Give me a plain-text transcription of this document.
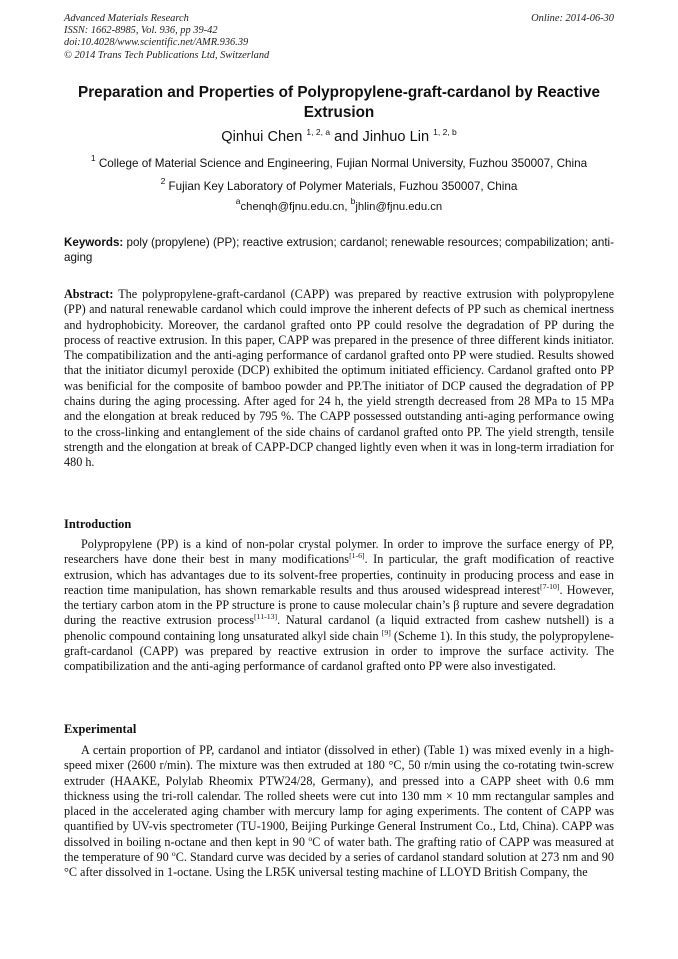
Advanced Materials Research
ISSN: 1662-8985, Vol. 936, pp 39-42
doi:10.4028/www.scientific.net/AMR.936.39
© 2014 Trans Tech Publications Ltd, Switzerland
Online: 2014-06-30
Preparation and Properties of Polypropylene-graft-cardanol by Reactive Extrusion
Qinhui Chen $^{1, 2, a}$ and Jinhuo Lin $^{1, 2, b}$
$^1$ College of Material Science and Engineering, Fujian Normal University, Fuzhou 350007, China
$^2$ Fujian Key Laboratory of Polymer Materials, Fuzhou 350007, China
$^a$chenqh@fjnu.edu.cn, $^b$jhlin@fjnu.edu.cn
Keywords: poly (propylene) (PP); reactive extrusion; cardanol; renewable resources; compabilization; anti-aging
Abstract: The polypropylene-graft-cardanol (CAPP) was prepared by reactive extrusion with polypropylene (PP) and natural renewable cardanol which could improve the inherent defects of PP such as chemical inertness and hydrophobicity. Moreover, the cardanol grafted onto PP could resolve the degradation of PP during the process of reactive extrusion. In this paper, CAPP was prepared in the presence of three different kinds initiator. The compatibilization and the anti-aging performance of cardanol grafted onto PP were studied. Results showed that the initiator dicumyl peroxide (DCP) exhibited the optimum initiated efficiency. Cardanol grafted onto PP was benificial for the composite of bamboo powder and PP.The initiator of DCP caused the degradation of PP chains during the aging processing. After aged for 24 h, the yield strength decreased from 28 MPa to 15 MPa and the elongation at break reduced by 795 %. The CAPP possessed outstanding anti-aging performance owing to the cross-linking and entanglement of the side chains of cardanol grafted onto PP. The yield strength, tensile strength and the elongation at break of CAPP-DCP changed lightly even when it was in long-term irradiation for 480 h.
Introduction
Polypropylene (PP) is a kind of non-polar crystal polymer. In order to improve the surface energy of PP, researchers have done their best in many modifications[1-6]. In particular, the graft modification of reactive extrusion, which has advantages due to its solvent-free properties, continuity in producing process and ease in reaction time manipulation, has shown remarkable results and thus aroused widespread interest[7-10]. However, the tertiary carbon atom in the PP structure is prone to cause molecular chain’s β rupture and severe degradation during the reactive extrusion process[11-13]. Natural cardanol (a liquid extracted from cashew nutshell) is a phenolic compound containing long unsaturated alkyl side chain [9] (Scheme 1). In this study, the polypropylene-graft-cardanol (CAPP) was prepared by reactive extrusion in order to improve the surface activity. The compatibilization and the anti-aging performance of cardanol grafted onto PP were also investigated.
Experimental
A certain proportion of PP, cardanol and intiator (dissolved in ether) (Table 1) was mixed evenly in a high-speed mixer (2600 r/min). The mixture was then extruded at 180 °C, 50 r/min using the co-rotating twin-screw extruder (HAAKE, Polylab Rheomix PTW24/28, Germany), and pressed into a CAPP sheet with 0.6 mm thickness using the tri-roll calendar. The rolled sheets were cut into 130 mm × 10 mm rectangular samples and placed in the accelerated aging chamber with mercury lamp for aging experiments. The content of CAPP was quantified by UV-vis spectrometer (TU-1900, Beijing Purkinge General Instrument Co., Ltd, China). CAPP was dissolved in boiling n-octane and then kept in 90 $^o$C of water bath. The grafting ratio of CAPP was measured at the temperature of 90 $^o$C. Standard curve was decided by a series of cardanol standard solution at 273 nm and 90 °C after dissolved in 1-octane. Using the LR5K universal testing machine of LLOYD British Company, the
